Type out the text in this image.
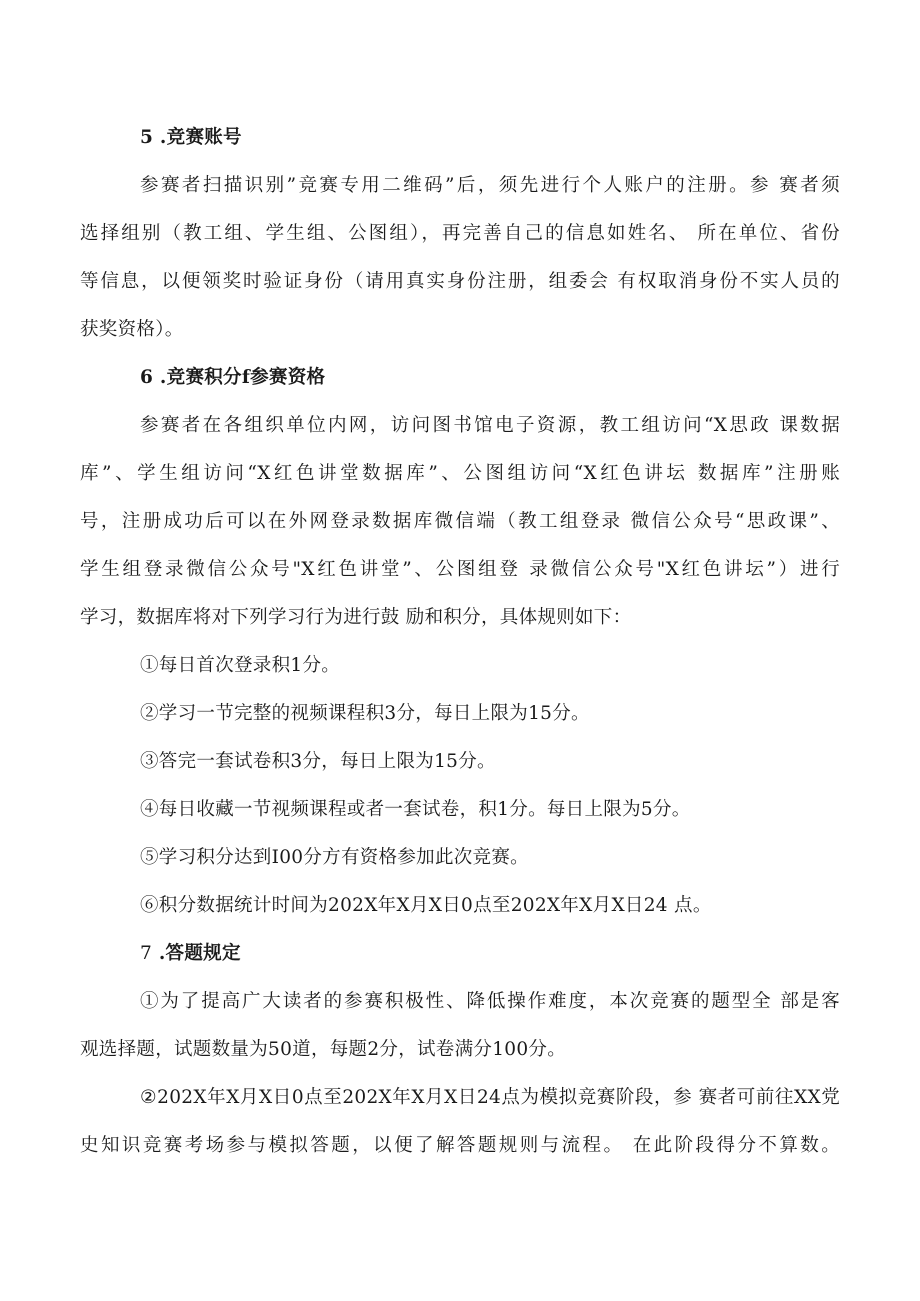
5 .竞赛账号
参赛者扫描识别”竞赛专用二维码”后，须先进行个人账户的注册。参 赛者须
选择组别（教工组、学生组、公图组），再完善自己的信息如姓名、 所在单位、省份
等信息，以便领奖时验证身份（请用真实身份注册，组委会 有权取消身份不实人员的
获奖资格）。
6 .竞赛积分f参赛资格
参赛者在各组织单位内网，访问图书馆电子资源，教工组访问“X思政 课数据
库”、学生组访问“X红色讲堂数据库”、公图组访问“X红色讲坛 数据库”注册账
号，注册成功后可以在外网登录数据库微信端（教工组登录 微信公众号“思政课”、
学生组登录微信公众号"X红色讲堂”、公图组登 录微信公众号"X红色讲坛”）进行
学习，数据库将对下列学习行为进行鼓 励和积分，具体规则如下：
①每日首次登录积1分。
②学习一节完整的视频课程积3分，每日上限为15分。
③答完一套试卷积3分，每日上限为15分。
④每日收藏一节视频课程或者一套试卷，积1分。每日上限为5分。
⑤学习积分达到I00分方有资格参加此次竞赛。
⑥积分数据统计时间为202X年X月X日0点至202X年X月X日24 点。
7 .答题规定
①为了提高广大读者的参赛积极性、降低操作难度，本次竞赛的题型全 部是客
观选择题，试题数量为50道，每题2分，试卷满分100分。
②202X年X月X日0点至202X年X月X日24点为模拟竞赛阶段，参 赛者可前往XX党
史知识竞赛考场参与模拟答题，以便了解答题规则与流程。 在此阶段得分不算数。
